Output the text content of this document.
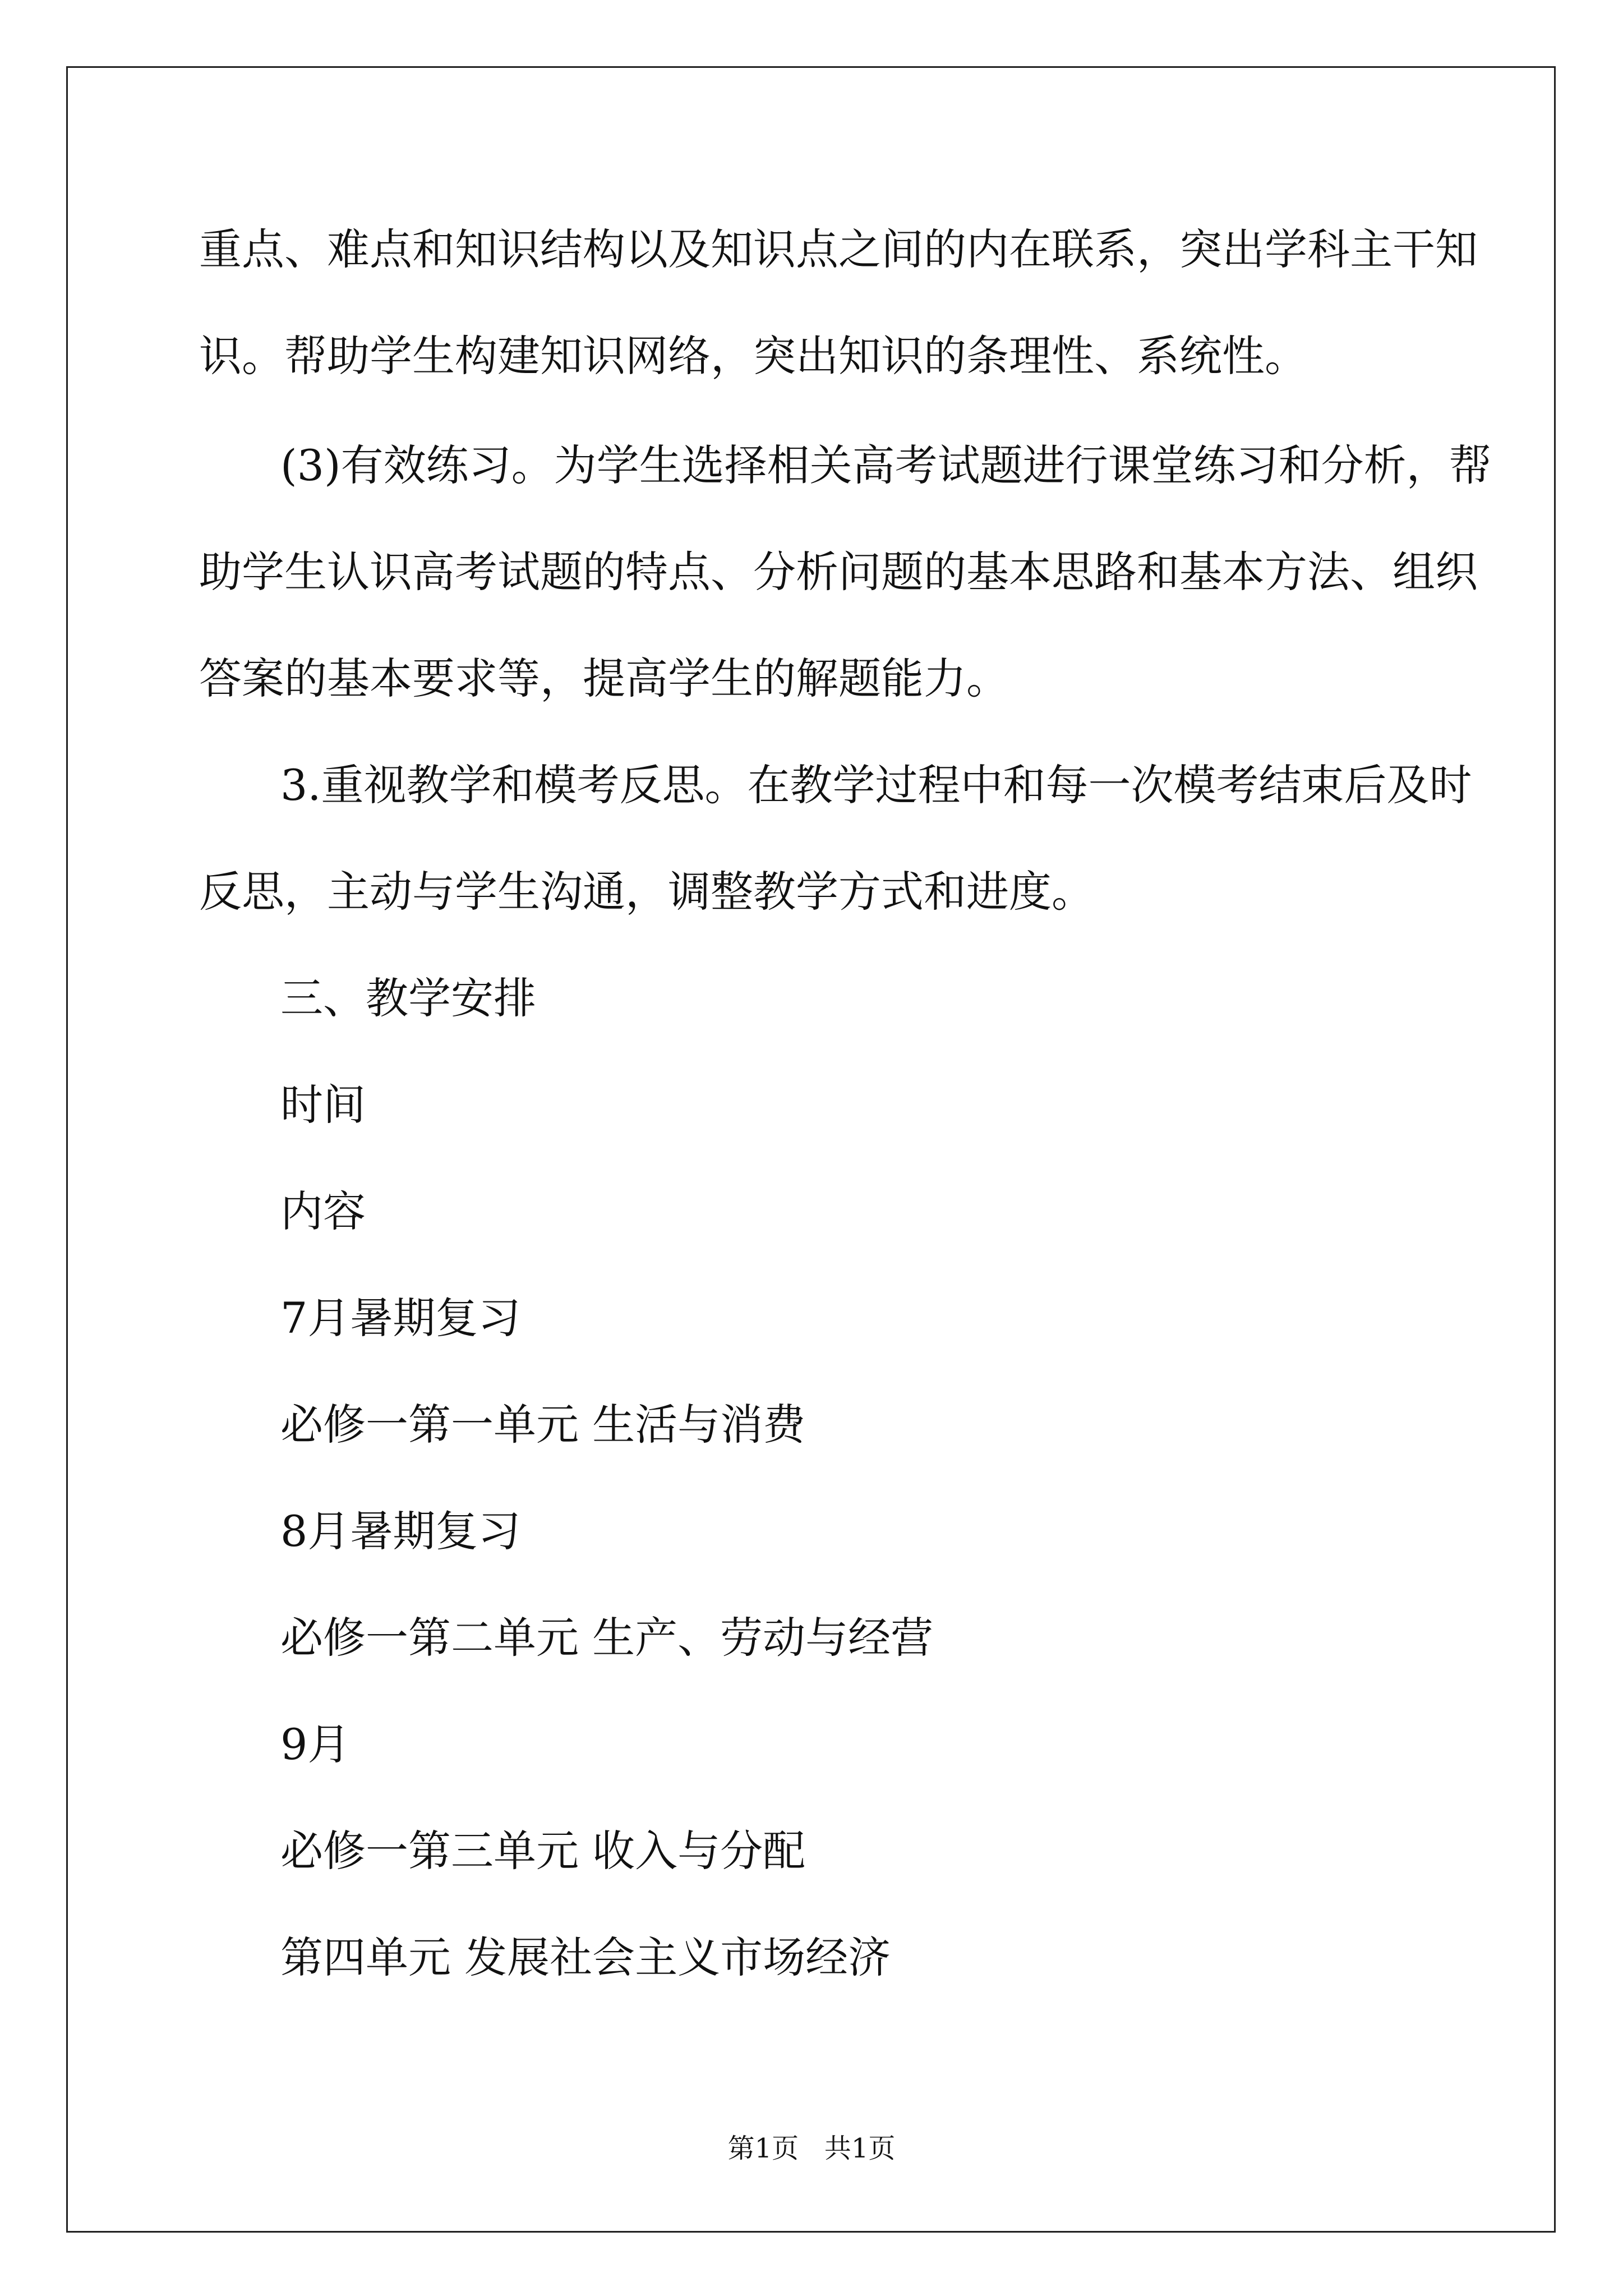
重点、难点和知识结构以及知识点之间的内在联系，突出学科主干知
识。帮助学生构建知识网络，突出知识的条理性、系统性。
(3)有效练习。为学生选择相关高考试题进行课堂练习和分析，帮
助学生认识高考试题的特点、分析问题的基本思路和基本方法、组织
答案的基本要求等，提高学生的解题能力。
3.重视教学和模考反思。在教学过程中和每一次模考结束后及时
反思，主动与学生沟通，调整教学方式和进度。
三、教学安排
时间
内容
7月暑期复习
必修一第一单元 生活与消费
8月暑期复习
必修一第二单元 生产、劳动与经营
9月
必修一第三单元 收入与分配
第四单元 发展社会主义市场经济
第1页   共1页
